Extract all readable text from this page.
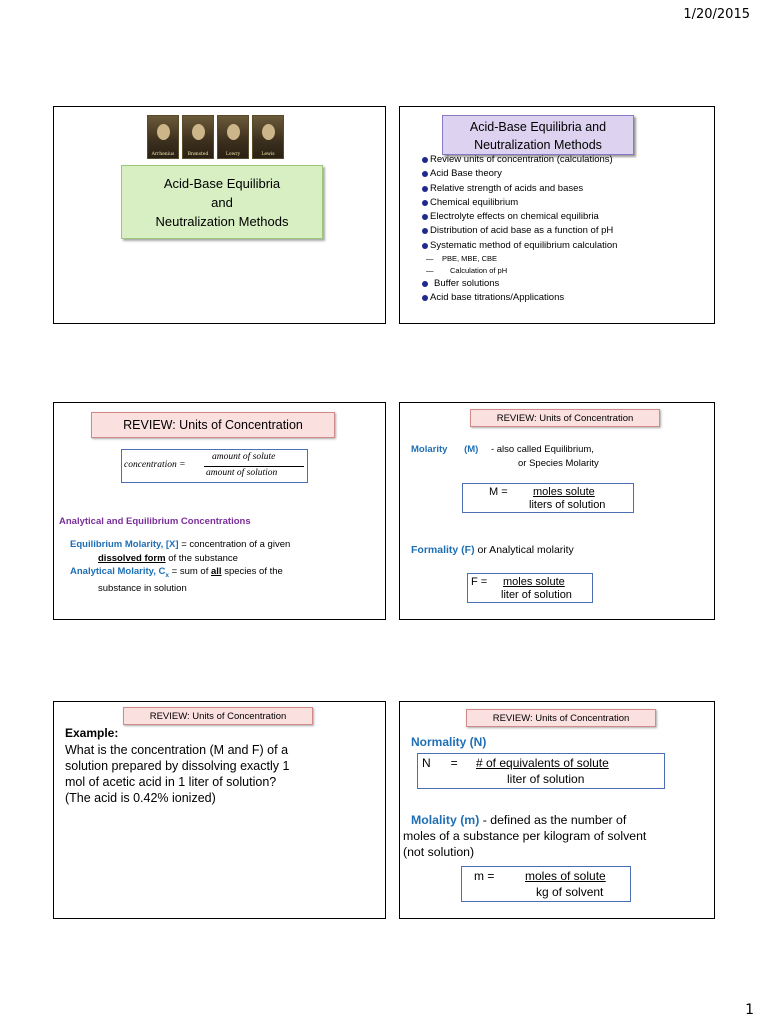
1/20/2015
Arrhenius	Brønsted	Lowry	Lewis
Acid-Base Equilibria
and
Neutralization Methods
Acid-Base Equilibria and
Neutralization Methods
Review units of concentration (calculations)
Acid Base theory
Relative strength of acids and bases
Chemical equilibrium
Electrolyte effects on chemical equilibria
Distribution of acid base as a function of pH
Systematic method of equilibrium calculation
— PBE, MBE, CBE
— Calculation of pH
Buffer solutions
Acid base titrations/Applications
REVIEW: Units of Concentration
concentration =
amount of solute
amount of solution
Analytical and Equilibrium Concentrations
Equilibrium Molarity, [X] = concentration of a given
dissolved form of the substance
Analytical Molarity, $C_x$ = sum of all species of the
substance in solution
REVIEW: Units of Concentration
Molarity (M) - also called Equilibrium,
or Species Molarity
M = moles solute
liters of solution
Formality (F) or Analytical molarity
F = moles solute
liter of solution
REVIEW: Units of Concentration
Example:
What is the concentration (M and F) of a
solution prepared by dissolving exactly 1
mol of acetic acid in 1 liter of solution?
(The acid is 0.42% ionized)
REVIEW: Units of Concentration
Normality (N)
N      = # of equivalents of solute
liter of solution
Molality (m) - defined as the number of
moles of a substance per kilogram of solvent
(not solution)
m =	moles of solute
kg of solvent
1
